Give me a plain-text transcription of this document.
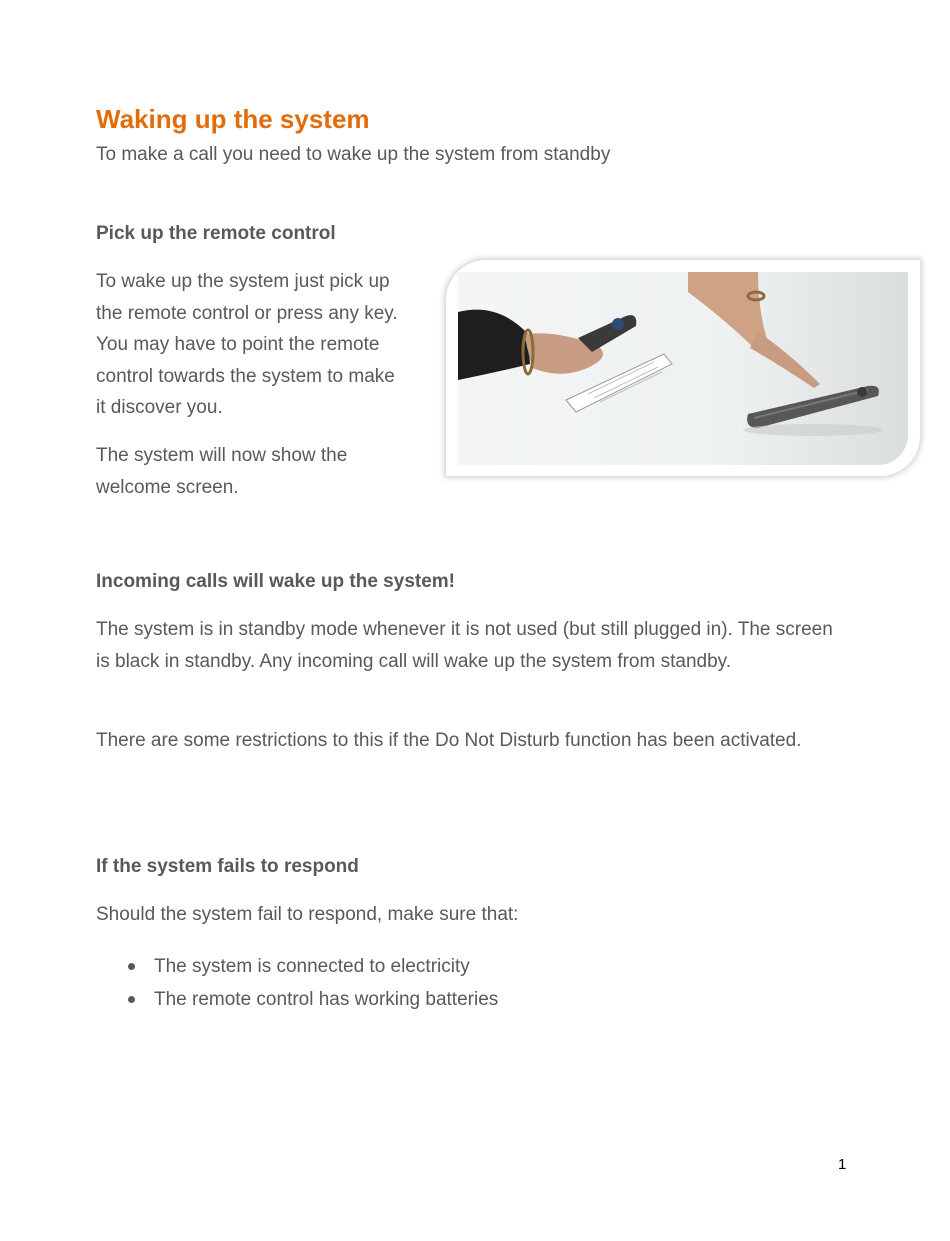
Waking up the system
To make a call you need to wake up the system from standby
Pick up the remote control
To wake up the system just pick up the remote control or press any key. You may have to point the remote control towards the system to make it discover you.
The system will now show the welcome screen.
Incoming calls will wake up the system!
The system is in standby mode whenever it is not used (but still plugged in). The screen is black in standby. Any incoming call will wake up the system from standby.
There are some restrictions to this if the Do Not Disturb function has been activated.
If the system fails to respond
Should the system fail to respond, make sure that:
The system is connected to electricity
The remote control has working batteries
1
